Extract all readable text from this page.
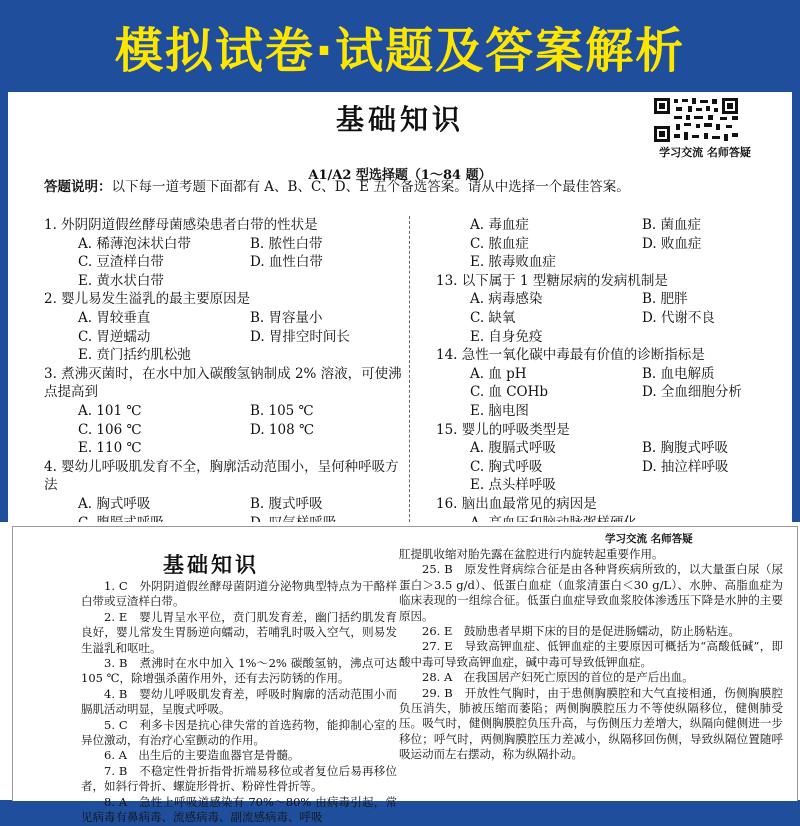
模拟试卷·试题及答案解析
基础知识
学习交流 名师答疑
A1/A2 型选择题（1～84 题）
答题说明：以下每一道考题下面都有 A、B、C、D、E 五个备选答案。请从中选择一个最佳答案。
1. 外阴阴道假丝酵母菌感染患者白带的性状是
A. 稀薄泡沫状白带	B. 脓性白带
C. 豆渣样白带	D. 血性白带
E. 黄水状白带
2. 婴儿易发生溢乳的最主要原因是
A. 胃较垂直	B. 胃容量小
C. 胃逆蠕动	D. 胃排空时间长
E. 贲门括约肌松弛
3. 煮沸灭菌时，在水中加入碳酸氢钠制成 2% 溶液，可使沸点提高到
A. 101 ℃	B. 105 ℃
C. 106 ℃	D. 108 ℃
E. 110 ℃
4. 婴幼儿呼吸肌发育不全，胸廓活动范围小，呈何种呼吸方法
A. 胸式呼吸	B. 腹式呼吸
A. 毒血症	B. 菌血症
C. 脓血症	D. 败血症
E. 脓毒败血症
13. 以下属于 1 型糖尿病的发病机制是
A. 病毒感染	B. 肥胖
C. 缺氧	D. 代谢不良
E. 自身免疫
14. 急性一氧化碳中毒最有价值的诊断指标是
A. 血 pH	B. 血电解质
C. 血 COHb	D. 全血细胞分析
E. 脑电图
15. 婴儿的呼吸类型是
A. 腹膈式呼吸	B. 胸腹式呼吸
C. 胸式呼吸	D. 抽泣样呼吸
E. 点头样呼吸
16. 脑出血最常见的病因是
学习交流 名师答疑
基础知识

1. C　外阴阴道假丝酵母菌阴道分泌物典型特点为干酪样白带或豆渣样白带。

2. E　婴儿胃呈水平位，贲门肌发育差，幽门括约肌发育良好，婴儿常发生胃肠逆向蠕动，若哺乳时吸入空气，则易发生溢乳和呕吐。

3. B　煮沸时在水中加入 1%～2% 碳酸氢钠，沸点可达 105 ℃，除增强杀菌作用外，还有去污防锈的作用。

4. B　婴幼儿呼吸肌发育差，呼吸时胸廓的活动范围小而膈肌活动明显，呈腹式呼吸。

5. C　利多卡因是抗心律失常的首选药物，能抑制心室的异位激动，有治疗心室颤动的作用。

6. A　出生后的主要造血器官是骨髓。

7. B　不稳定性骨折指骨折端易移位或者复位后易再移位者，如斜行骨折、螺旋形骨折、粉碎性骨折等。

8. A　急性上呼吸道感染有 70%～80% 由病毒引起，常见病毒有鼻病毒、流感病毒、副流感病毒、呼吸

肛提肌收缩对胎先露在盆腔进行内旋转起重要作用。

25. B　原发性肾病综合征是由各种肾疾病所致的，以大量蛋白尿（尿蛋白＞3.5 g/d）、低蛋白血症（血浆清蛋白＜30 g/L）、水肿、高脂血症为临床表现的一组综合征。低蛋白血症导致血浆胶体渗透压下降是水肿的主要原因。

26. E　鼓励患者早期下床的目的是促进肠蠕动，防止肠粘连。

27. E　导致高钾血症、低钾血症的主要原因可概括为“高酸低碱”，即酸中毒可导致高钾血症，碱中毒可导致低钾血症。

28. A　在我国居产妇死亡原因的首位的是产后出血。

29. B　开放性气胸时，由于患侧胸膜腔和大气直接相通，伤侧胸膜腔负压消失，肺被压缩而萎陷；两侧胸膜腔压力不等使纵隔移位，健侧肺受压。吸气时，健侧胸膜腔负压升高，与伤侧压力差增大，纵隔向健侧进一步移位；呼气时，两侧胸膜腔压力差减小，纵隔移回伤侧，导致纵隔位置随呼吸运动而左右摆动，称为纵隔扑动。
